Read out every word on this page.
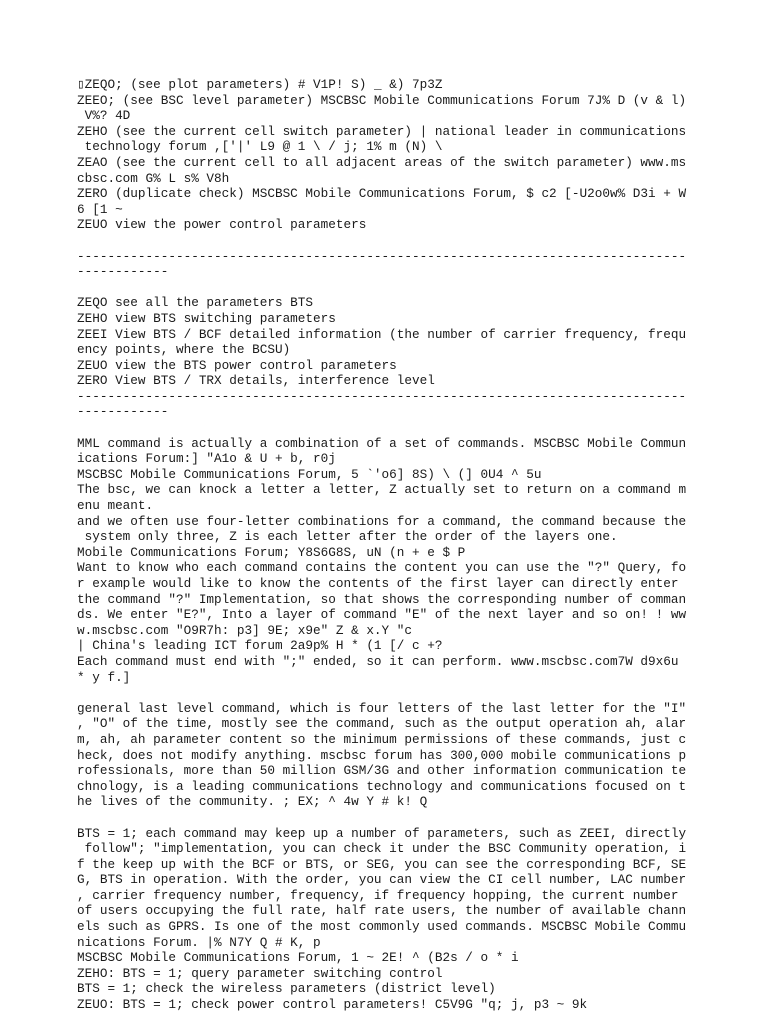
▯ZEQO; (see plot parameters) # V1P! S) _ &) 7p3Z
ZEEO; (see BSC level parameter) MSCBSC Mobile Communications Forum 7J% D (v & l)
V%? 4D
ZEHO (see the current cell switch parameter) | national leader in communications
technology forum ,['|' L9 @ 1 \ / j; 1% m (N) \
ZEAO (see the current cell to all adjacent areas of the switch parameter) www.ms
cbsc.com G% L s% V8h
ZERO (duplicate check) MSCBSC Mobile Communications Forum, $ c2 [-U2o0w% D3i + W
6 [1 ~
ZEUO view the power control parameters
--------------------------------------------------------------------------------
------------
ZEQO see all the parameters BTS
ZEHO view BTS switching parameters
ZEEI View BTS / BCF detailed information (the number of carrier frequency, frequ
ency points, where the BCSU)
ZEUO view the BTS power control parameters
ZERO View BTS / TRX details, interference level
--------------------------------------------------------------------------------
------------
MML command is actually a combination of a set of commands. MSCBSC Mobile Commun
ications Forum:] "A1o & U + b, r0j
MSCBSC Mobile Communications Forum, 5 `'o6] 8S) \ (] 0U4 ^ 5u
The bsc, we can knock a letter a letter, Z actually set to return on a command m
enu meant.
and we often use four-letter combinations for a command, the command because the
system only three, Z is each letter after the order of the layers one.
Mobile Communications Forum; Y8S6G8S, uN (n + e $ P
Want to know who each command contains the content you can use the "?" Query, fo
r example would like to know the contents of the first layer can directly enter
the command "?" Implementation, so that shows the corresponding number of comman
ds. We enter "E?", Into a layer of command "E" of the next layer and so on! ! ww
w.mscbsc.com "O9R7h: p3] 9E; x9e" Z & x.Y "c
| China's leading ICT forum 2a9p% H * (1 [/ c +?
Each command must end with ";" ended, so it can perform. www.mscbsc.com7W d9x6u
* y f.]
general last level command, which is four letters of the last letter for the "I"
, "O" of the time, mostly see the command, such as the output operation ah, alar
m, ah, ah parameter content so the minimum permissions of these commands, just c
heck, does not modify anything. mscbsc forum has 300,000 mobile communications p
rofessionals, more than 50 million GSM/3G and other information communication te
chnology, is a leading communications technology and communications focused on t
he lives of the community. ; EX; ^ 4w Y # k! Q
BTS = 1; each command may keep up a number of parameters, such as ZEEI, directly
follow"; "implementation, you can check it under the BSC Community operation, i
f the keep up with the BCF or BTS, or SEG, you can see the corresponding BCF, SE
G, BTS in operation. With the order, you can view the CI cell number, LAC number
, carrier frequency number, frequency, if frequency hopping, the current number
of users occupying the full rate, half rate users, the number of available chann
els such as GPRS. Is one of the most commonly used commands. MSCBSC Mobile Commu
nications Forum. |% N7Y Q # K, p
MSCBSC Mobile Communications Forum, 1 ~ 2E! ^ (B2s / o * i
ZEHO: BTS = 1; query parameter switching control
BTS = 1; check the wireless parameters (district level)
ZEUO: BTS = 1; check power control parameters! C5V9G "q; j, p3 ~ 9k
